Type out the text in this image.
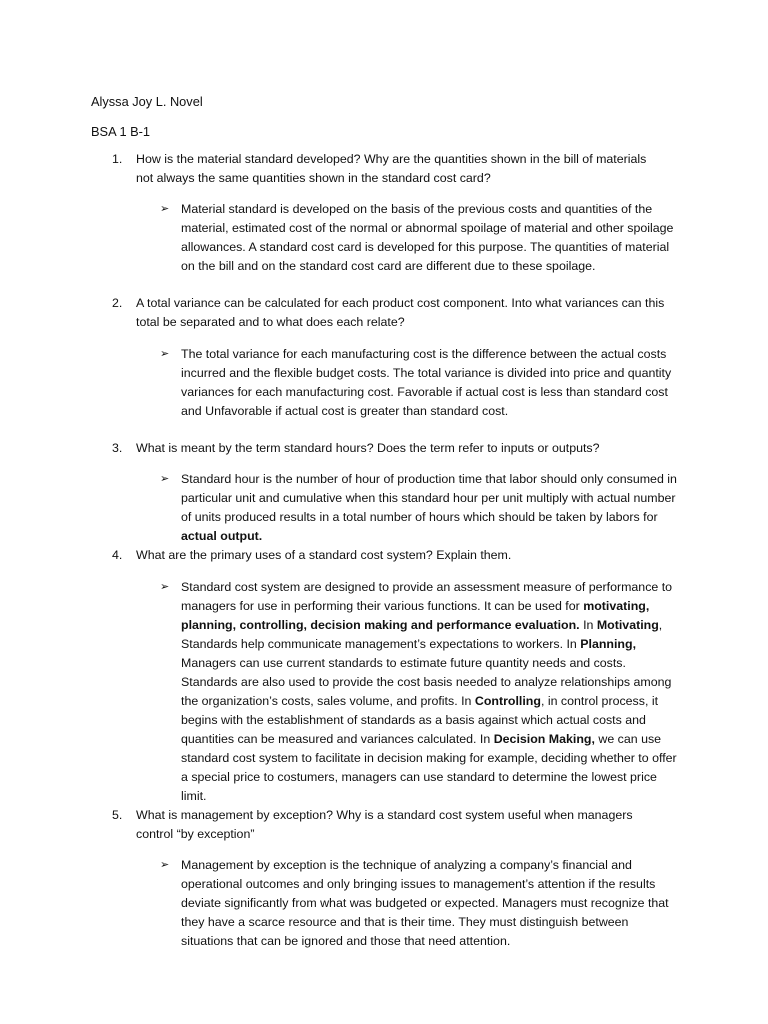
Alyssa Joy L. Novel
BSA 1 B-1
1. How is the material standard developed? Why are the quantities shown in the bill of materials not always the same quantities shown in the standard cost card?

➢ Material standard is developed on the basis of the previous costs and quantities of the material, estimated cost of the normal or abnormal spoilage of material and other spoilage allowances. A standard cost card is developed for this purpose. The quantities of material on the bill and on the standard cost card are different due to these spoilage.
2. A total variance can be calculated for each product cost component. Into what variances can this total be separated and to what does each relate?

➢ The total variance for each manufacturing cost is the difference between the actual costs incurred and the flexible budget costs. The total variance is divided into price and quantity variances for each manufacturing cost. Favorable if actual cost is less than standard cost and Unfavorable if actual cost is greater than standard cost.
3. What is meant by the term standard hours? Does the term refer to inputs or outputs?

➢ Standard hour is the number of hour of production time that labor should only consumed in particular unit and cumulative when this standard hour per unit multiply with actual number of units produced results in a total number of hours which should be taken by labors for actual output.
4. What are the primary uses of a standard cost system? Explain them.

➢ Standard cost system are designed to provide an assessment measure of performance to managers for use in performing their various functions. It can be used for motivating, planning, controlling, decision making and performance evaluation. In Motivating, Standards help communicate management’s expectations to workers. In Planning, Managers can use current standards to estimate future quantity needs and costs. Standards are also used to provide the cost basis needed to analyze relationships among the organization’s costs, sales volume, and profits. In Controlling, in control process, it begins with the establishment of standards as a basis against which actual costs and quantities can be measured and variances calculated. In Decision Making, we can use standard cost system to facilitate in decision making for example, deciding whether to offer a special price to costumers, managers can use standard to determine the lowest price limit.
5. What is management by exception? Why is a standard cost system useful when managers control “by exception”

➢ Management by exception is the technique of analyzing a company’s financial and operational outcomes and only bringing issues to management’s attention if the results deviate significantly from what was budgeted or expected. Managers must recognize that they have a scarce resource and that is their time. They must distinguish between situations that can be ignored and those that need attention.
